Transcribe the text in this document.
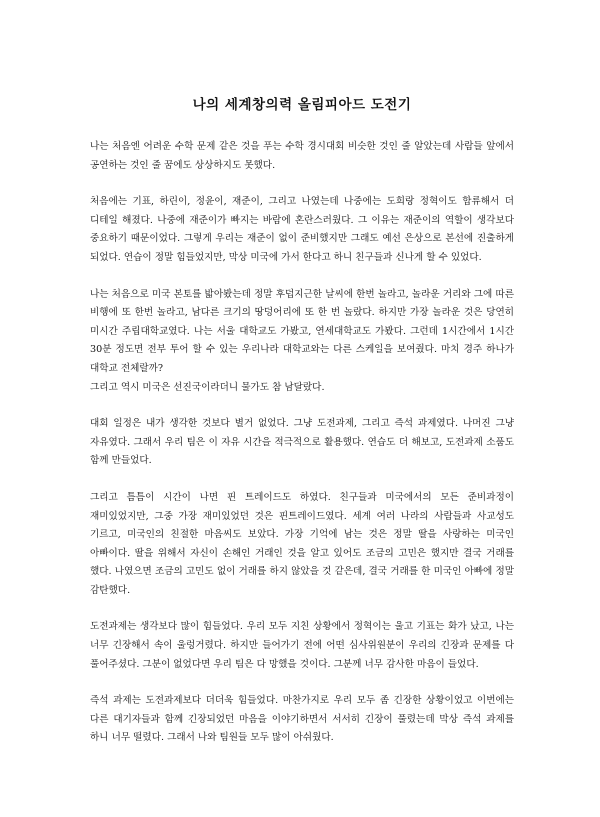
나의 세계창의력 올림피아드 도전기

나는 처음엔 어려운 수학 문제 같은 것을 푸는 수학 경시대회 비슷한 것인 줄 알았는데 사람들 앞에서 공연하는 것인 줄 꿈에도 상상하지도 못했다.

처음에는 기표, 하린이, 정윤이, 재준이, 그리고 나였는데 나중에는 도희랑 정혁이도 합류해서 더 디테일 해졌다. 나중에 재준이가 빠지는 바람에 혼란스러웠다. 그 이유는 재준이의 역할이 생각보다 중요하기 때문이었다. 그렇게 우리는 재준이 없이 준비했지만 그래도 예선 은상으로 본선에 진출하게 되었다. 연습이 정말 힘들었지만, 막상 미국에 가서 한다고 하니 친구들과 신나게 할 수 있었다.

나는 처음으로 미국 본토를 밟아봤는데 정말 후덥지근한 날씨에 한번 놀라고, 놀라운 거리와 그에 따른 비행에 또 한번 놀라고, 남다른 크기의 땅덩어리에 또 한 번 놀랐다. 하지만 가장 놀라운 것은 당연히 미시간 주립대학교였다. 나는 서울 대학교도 가봤고, 연세대학교도 가봤다. 그런데 1시간에서 1시간 30분 정도면 전부 투어 할 수 있는 우리나라 대학교와는 다른 스케일을 보여줬다. 마치 경주 하나가 대학교 전체랄까?
그리고 역시 미국은 선진국이라더니 물가도 참 남달랐다.

대회 일정은 내가 생각한 것보다 별거 없었다. 그냥 도전과제, 그리고 즉석 과제였다. 나머진 그냥 자유였다. 그래서 우리 팀은 이 자유 시간을 적극적으로 활용했다. 연습도 더 해보고, 도전과제 소품도 함께 만들었다.

그리고 틈틈이 시간이 나면 핀 트레이드도 하였다. 친구들과 미국에서의 모든 준비과정이 재미있었지만, 그중 가장 재미있었던 것은 핀트레이드였다. 세계 여러 나라의 사람들과 사교성도 기르고, 미국인의 친절한 마음씨도 보았다. 가장 기억에 남는 것은 정말 딸을 사랑하는 미국인 아빠이다. 딸을 위해서 자신이 손해인 거래인 것을 알고 있어도 조금의 고민은 했지만 결국 거래를 했다. 나였으면 조금의 고민도 없이 거래를 하지 않았을 것 같은데, 결국 거래를 한 미국인 아빠에 정말 감탄했다.

도전과제는 생각보다 많이 힘들었다. 우리 모두 지친 상황에서 정혁이는 울고 기표는 화가 났고, 나는 너무 긴장해서 속이 울렁거렸다. 하지만 들어가기 전에 어떤 심사위원분이 우리의 긴장과 문제를 다 풀어주셨다. 그분이 없었다면 우리 팀은 다 망했을 것이다. 그분께 너무 감사한 마음이 들었다.

즉석 과제는 도전과제보다 더더욱 힘들었다. 마찬가지로 우리 모두 좀 긴장한 상황이었고 이번에는 다른 대기자들과 함께 긴장되었던 마음을 이야기하면서 서서히 긴장이 풀렸는데 막상 즉석 과제를 하니 너무 떨렸다. 그래서 나와 팀원들 모두 많이 아쉬웠다.
